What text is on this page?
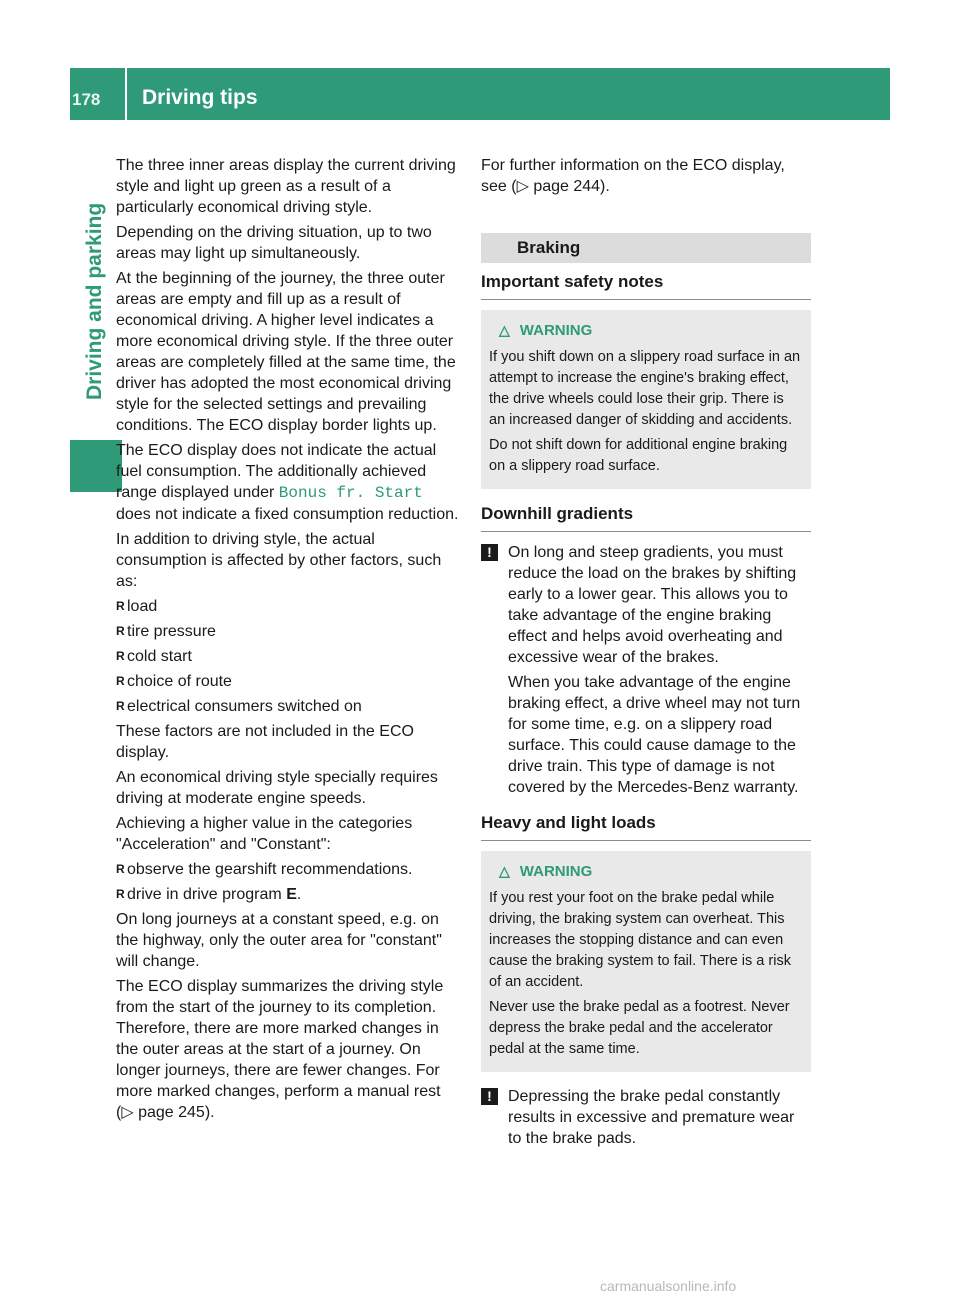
178	Driving tips
Driving and parking

The three inner areas display the current driving style and light up green as a result of a particularly economical driving style.

Depending on the driving situation, up to two areas may light up simultaneously.

At the beginning of the journey, the three outer areas are empty and fill up as a result of economical driving. A higher level indicates a more economical driving style. If the three outer areas are completely filled at the same time, the driver has adopted the most economical driving style for the selected settings and prevailing conditions. The ECO display border lights up.

The ECO display does not indicate the actual fuel consumption. The additionally achieved range displayed under Bonus fr. Start does not indicate a fixed consumption reduction.

In addition to driving style, the actual consumption is affected by other factors, such as:

R load
R tire pressure
R cold start
R choice of route
R electrical consumers switched on

These factors are not included in the ECO display.

An economical driving style specially requires driving at moderate engine speeds.

Achieving a higher value in the categories "Acceleration" and "Constant":

R observe the gearshift recommendations.
R drive in drive program E.

On long journeys at a constant speed, e.g. on the highway, only the outer area for "constant" will change.

The ECO display summarizes the driving style from the start of the journey to its completion. Therefore, there are more marked changes in the outer areas at the start of a journey. On longer journeys, there are fewer changes. For more marked changes, perform a manual rest (▷ page 245).

For further information on the ECO display, see (▷ page 244).

Braking
Important safety notes
△ WARNING

If you shift down on a slippery road surface in an attempt to increase the engine's braking effect, the drive wheels could lose their grip. There is an increased danger of skidding and accidents.

Do not shift down for additional engine braking on a slippery road surface.

Downhill gradients
!	On long and steep gradients, you must reduce the load on the brakes by shifting early to a lower gear. This allows you to take advantage of the engine braking effect and helps avoid overheating and excessive wear of the brakes.

When you take advantage of the engine braking effect, a drive wheel may not turn for some time, e.g. on a slippery road surface. This could cause damage to the drive train. This type of damage is not covered by the Mercedes-Benz warranty.

Heavy and light loads
△ WARNING

If you rest your foot on the brake pedal while driving, the braking system can overheat. This increases the stopping distance and can even cause the braking system to fail. There is a risk of an accident.

Never use the brake pedal as a footrest. Never depress the brake pedal and the accelerator pedal at the same time.

!	Depressing the brake pedal constantly results in excessive and premature wear to the brake pads.

carmanualsonline.info
